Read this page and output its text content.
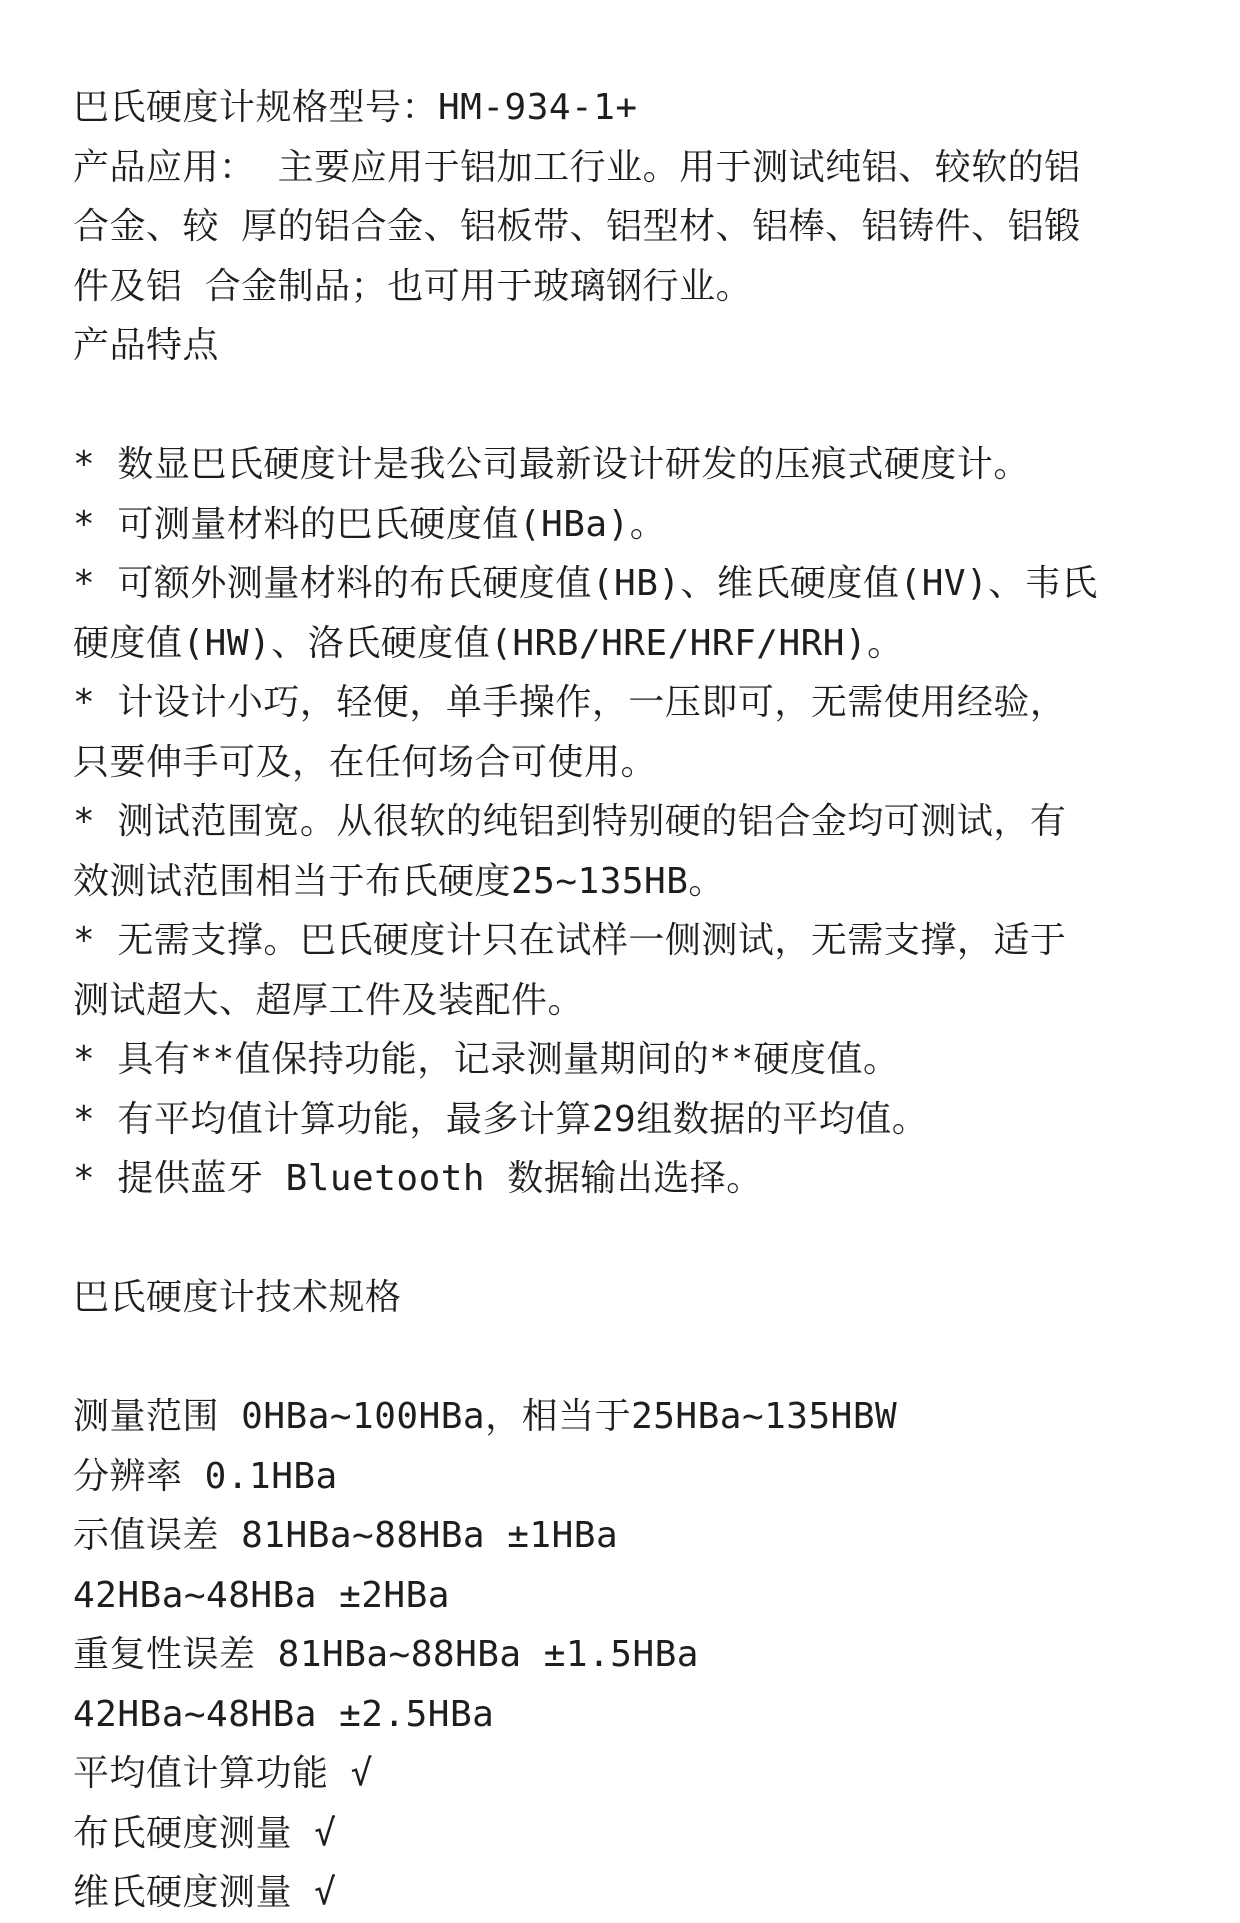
巴氏硬度计规格型号：HM-934-1+
产品应用： 主要应用于铝加工行业。用于测试纯铝、较软的铝
合金、较 厚的铝合金、铝板带、铝型材、铝棒、铝铸件、铝锻
件及铝 合金制品；也可用于玻璃钢行业。
产品特点
* 数显巴氏硬度计是我公司最新设计研发的压痕式硬度计。
* 可测量材料的巴氏硬度值(HBa)。
* 可额外测量材料的布氏硬度值(HB)、维氏硬度值(HV)、韦氏
硬度值(HW)、洛氏硬度值(HRB/HRE/HRF/HRH)。
* 计设计小巧，轻便，单手操作，一压即可，无需使用经验，
只要伸手可及，在任何场合可使用。
* 测试范围宽。从很软的纯铝到特别硬的铝合金均可测试，有
效测试范围相当于布氏硬度25~135HB。
* 无需支撑。巴氏硬度计只在试样一侧测试，无需支撑，适于
测试超大、超厚工件及装配件。
* 具有**值保持功能，记录测量期间的**硬度值。
* 有平均值计算功能，最多计算29组数据的平均值。
* 提供蓝牙 Bluetooth 数据输出选择。
巴氏硬度计技术规格
测量范围 0HBa~100HBa，相当于25HBa~135HBW
分辨率 0.1HBa
示值误差 81HBa~88HBa ±1HBa
42HBa~48HBa ±2HBa
重复性误差 81HBa~88HBa ±1.5HBa
42HBa~48HBa ±2.5HBa
平均值计算功能 √
布氏硬度测量 √
维氏硬度测量 √
